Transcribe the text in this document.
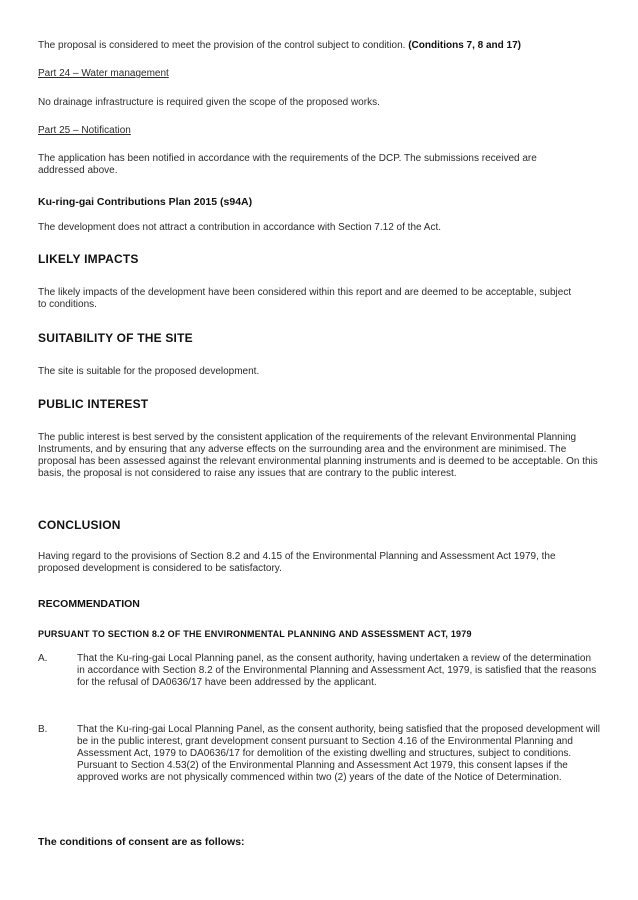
The proposal is considered to meet the provision of the control subject to condition. (Conditions 7, 8 and 17)

Part 24 – Water management

No drainage infrastructure is required given the scope of the proposed works.

Part 25 – Notification

The application has been notified in accordance with the requirements of the DCP. The submissions received are addressed above.

Ku-ring-gai Contributions Plan 2015 (s94A)

The development does not attract a contribution in accordance with Section 7.12 of the Act.

LIKELY IMPACTS

The likely impacts of the development have been considered within this report and are deemed to be acceptable, subject to conditions.

SUITABILITY OF THE SITE

The site is suitable for the proposed development.

PUBLIC INTEREST

The public interest is best served by the consistent application of the requirements of the relevant Environmental Planning Instruments, and by ensuring that any adverse effects on the surrounding area and the environment are minimised. The proposal has been assessed against the relevant environmental planning instruments and is deemed to be acceptable. On this basis, the proposal is not considered to raise any issues that are contrary to the public interest.

CONCLUSION

Having regard to the provisions of Section 8.2 and 4.15 of the Environmental Planning and Assessment Act 1979, the proposed development is considered to be satisfactory.

RECOMMENDATION

PURSUANT TO SECTION 8.2 OF THE ENVIRONMENTAL PLANNING AND ASSESSMENT ACT, 1979

A.	That the Ku-ring-gai Local Planning panel, as the consent authority, having undertaken a review of the determination in accordance with Section 8.2 of the Environmental Planning and Assessment Act, 1979, is satisfied that the reasons for the refusal of DA0636/17 have been addressed by the applicant.

B.	That the Ku-ring-gai Local Planning Panel, as the consent authority, being satisfied that the proposed development will be in the public interest, grant development consent pursuant to Section 4.16 of the Environmental Planning and Assessment Act, 1979 to DA0636/17 for demolition of the existing dwelling and structures, subject to conditions. Pursuant to Section 4.53(2) of the Environmental Planning and Assessment Act 1979, this consent lapses if the approved works are not physically commenced within two (2) years of the date of the Notice of Determination.

The conditions of consent are as follows:
